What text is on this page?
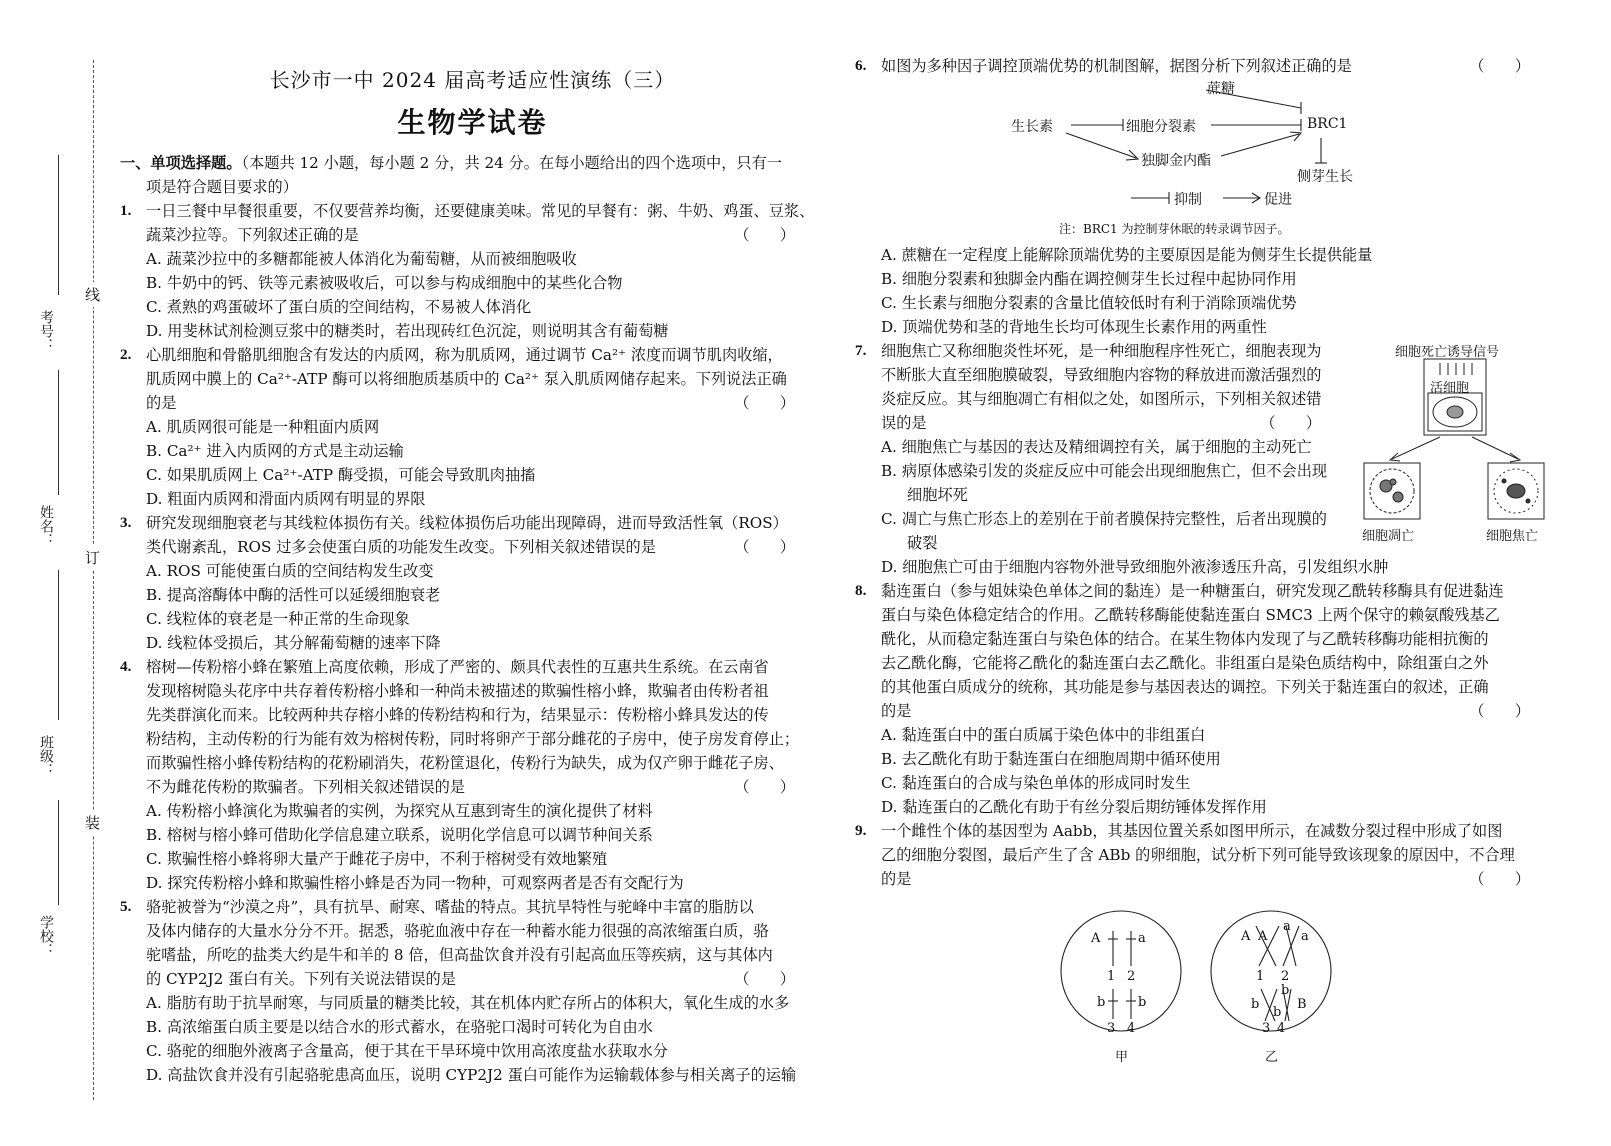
线
订
装
考号：
姓名：
班级：
学校：
长沙市一中 2024 届高考适应性演练（三）
生物学试卷
一、单项选择题。（本题共 12 小题，每小题 2 分，共 24 分。在每小题给出的四个选项中，只有一
项是符合题目要求的）
1. 一日三餐中早餐很重要，不仅要营养均衡，还要健康美味。常见的早餐有：粥、牛奶、鸡蛋、豆浆、
蔬菜沙拉等。下列叙述正确的是	（　　）
A. 蔬菜沙拉中的多糖都能被人体消化为葡萄糖，从而被细胞吸收
B. 牛奶中的钙、铁等元素被吸收后，可以参与构成细胞中的某些化合物
C. 煮熟的鸡蛋破坏了蛋白质的空间结构，不易被人体消化
D. 用斐林试剂检测豆浆中的糖类时，若出现砖红色沉淀，则说明其含有葡萄糖
2. 心肌细胞和骨骼肌细胞含有发达的内质网，称为肌质网，通过调节 Ca²⁺ 浓度而调节肌肉收缩，
肌质网中膜上的 Ca²⁺-ATP 酶可以将细胞质基质中的 Ca²⁺ 泵入肌质网储存起来。下列说法正确
的是	（　　）
A. 肌质网很可能是一种粗面内质网
B. Ca²⁺ 进入内质网的方式是主动运输
C. 如果肌质网上 Ca²⁺-ATP 酶受损，可能会导致肌肉抽搐
D. 粗面内质网和滑面内质网有明显的界限
3. 研究发现细胞衰老与其线粒体损伤有关。线粒体损伤后功能出现障碍，进而导致活性氧（ROS）
类代谢紊乱，ROS 过多会使蛋白质的功能发生改变。下列相关叙述错误的是	（　　）
A. ROS 可能使蛋白质的空间结构发生改变
B. 提高溶酶体中酶的活性可以延缓细胞衰老
C. 线粒体的衰老是一种正常的生命现象
D. 线粒体受损后，其分解葡萄糖的速率下降
4. 榕树—传粉榕小蜂在繁殖上高度依赖，形成了严密的、颇具代表性的互惠共生系统。在云南省
发现榕树隐头花序中共存着传粉榕小蜂和一种尚未被描述的欺骗性榕小蜂，欺骗者由传粉者祖
先类群演化而来。比较两种共存榕小蜂的传粉结构和行为，结果显示：传粉榕小蜂具发达的传
粉结构，主动传粉的行为能有效为榕树传粉，同时将卵产于部分雌花的子房中，使子房发育停止；
而欺骗性榕小蜂传粉结构的花粉刷消失，花粉筐退化，传粉行为缺失，成为仅产卵于雌花子房、
不为雌花传粉的欺骗者。下列相关叙述错误的是	（　　）
A. 传粉榕小蜂演化为欺骗者的实例，为探究从互惠到寄生的演化提供了材料
B. 榕树与榕小蜂可借助化学信息建立联系，说明化学信息可以调节种间关系
C. 欺骗性榕小蜂将卵大量产于雌花子房中，不利于榕树受有效地繁殖
D. 探究传粉榕小蜂和欺骗性榕小蜂是否为同一物种，可观察两者是否有交配行为
5. 骆驼被誉为“沙漠之舟”，具有抗旱、耐寒、嗜盐的特点。其抗旱特性与驼峰中丰富的脂肪以
及体内储存的大量水分分不开。据悉，骆驼血液中存在一种蓄水能力很强的高浓缩蛋白质，骆
驼嗜盐，所吃的盐类大约是牛和羊的 8 倍，但高盐饮食并没有引起高血压等疾病，这与其体内
的 CYP2J2 蛋白有关。下列有关说法错误的是	（　　）
A. 脂肪有助于抗旱耐寒，与同质量的糖类比较，其在机体内贮存所占的体积大，氧化生成的水多
B. 高浓缩蛋白质主要是以结合水的形式蓄水，在骆驼口渴时可转化为自由水
C. 骆驼的细胞外液离子含量高，便于其在干旱环境中饮用高浓度盐水获取水分
D. 高盐饮食并没有引起骆驼患高血压，说明 CYP2J2 蛋白可能作为运输载体参与相关离子的运输
6. 如图为多种因子调控顶端优势的机制图解，据图分析下列叙述正确的是	（　　）
蔗糖
生长素	细胞分裂素	BRC1
独脚金内酯
侧芽生长
抑制	促进
注：BRC1 为控制芽休眠的转录调节因子。
A. 蔗糖在一定程度上能解除顶端优势的主要原因是能为侧芽生长提供能量
B. 细胞分裂素和独脚金内酯在调控侧芽生长过程中起协同作用
C. 生长素与细胞分裂素的含量比值较低时有利于消除顶端优势
D. 顶端优势和茎的背地生长均可体现生长素作用的两重性
7. 细胞焦亡又称细胞炎性坏死，是一种细胞程序性死亡，细胞表现为
不断胀大直至细胞膜破裂，导致细胞内容物的释放进而激活强烈的
炎症反应。其与细胞凋亡有相似之处，如图所示，下列相关叙述错
误的是	（　　）
A. 细胞焦亡与基因的表达及精细调控有关，属于细胞的主动死亡
B. 病原体感染引发的炎症反应中可能会出现细胞焦亡，但不会出现
细胞坏死
C. 凋亡与焦亡形态上的差别在于前者膜保持完整性，后者出现膜的
破裂
D. 细胞焦亡可由于细胞内容物外泄导致细胞外液渗透压升高，引发组织水肿
细胞死亡诱导信号
活细胞
细胞凋亡	细胞焦亡
8. 黏连蛋白（参与姐妹染色单体之间的黏连）是一种糖蛋白，研究发现乙酰转移酶具有促进黏连
蛋白与染色体稳定结合的作用。乙酰转移酶能使黏连蛋白 SMC3 上两个保守的赖氨酸残基乙
酰化，从而稳定黏连蛋白与染色体的结合。在某生物体内发现了与乙酰转移酶功能相抗衡的
去乙酰化酶，它能将乙酰化的黏连蛋白去乙酰化。非组蛋白是染色质结构中，除组蛋白之外
的其他蛋白质成分的统称，其功能是参与基因表达的调控。下列关于黏连蛋白的叙述，正确
的是	（　　）
A. 黏连蛋白中的蛋白质属于染色体中的非组蛋白
B. 去乙酰化有助于黏连蛋白在细胞周期中循环使用
C. 黏连蛋白的合成与染色单体的形成同时发生
D. 黏连蛋白的乙酰化有助于有丝分裂后期纺锤体发挥作用
9. 一个雌性个体的基因型为 Aabb，其基因位置关系如图甲所示，在减数分裂过程中形成了如图
乙的细胞分裂图，最后产生了含 ABb 的卵细胞，试分析下列可能导致该现象的原因中，不合理
的是	（　　）
A	a
1 2
b	b
3 4
甲
A A
a
a
1 2
b
b
b
B
3 4
乙
